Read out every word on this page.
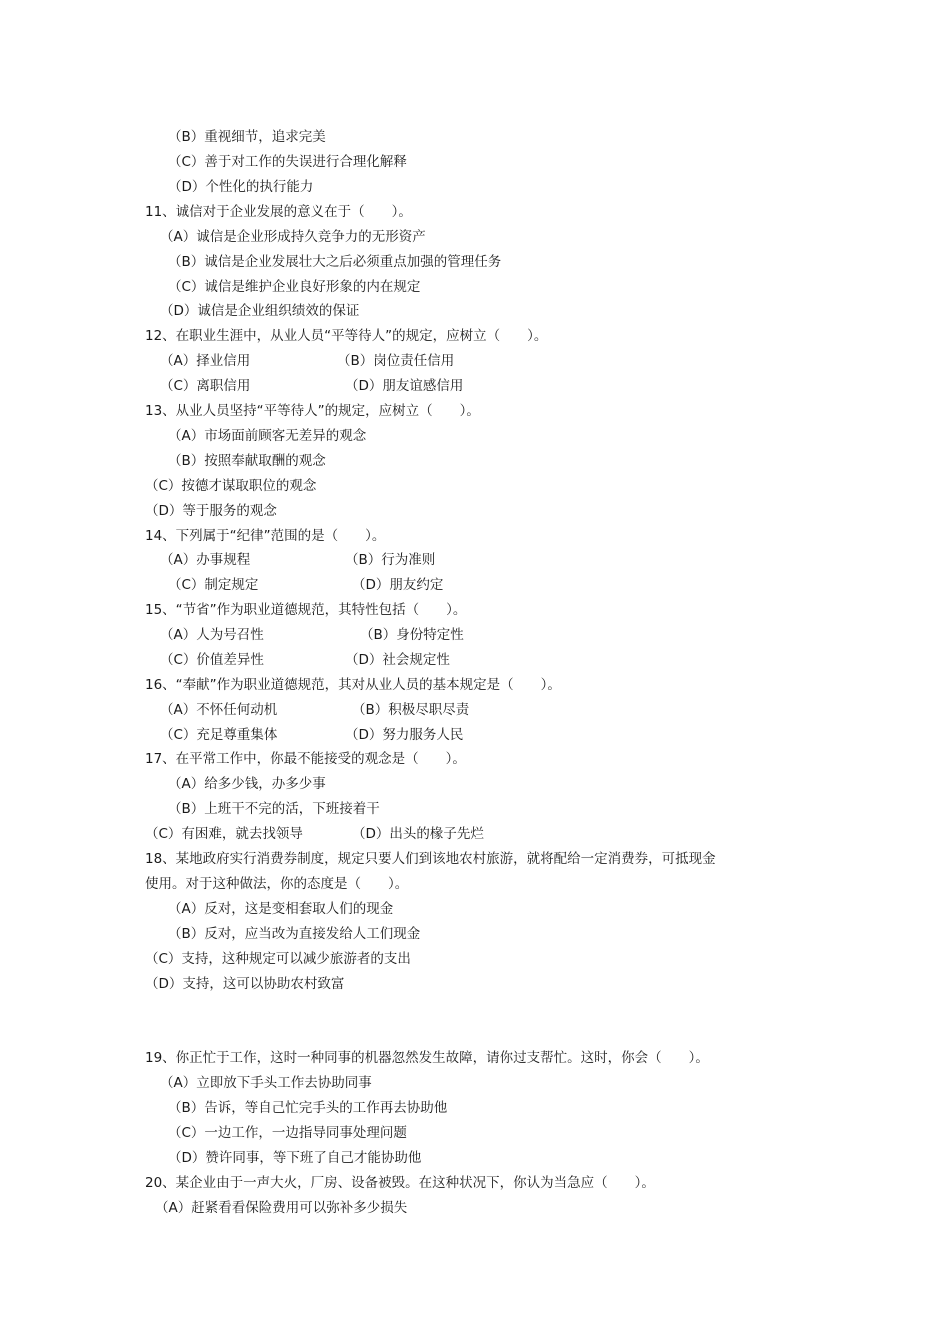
（B）重视细节，追求完美
（C）善于对工作的失误进行合理化解释
（D）个性化的执行能力
11、诚信对于企业发展的意义在于（　　）。
（A）诚信是企业形成持久竞争力的无形资产
（B）诚信是企业发展壮大之后必须重点加强的管理任务
（C）诚信是维护企业良好形象的内在规定
（D）诚信是企业组织绩效的保证
12、在职业生涯中，从业人员“平等待人”的规定，应树立（　　）。
（A）择业信用	（B）岗位责任信用
（C）离职信用	（D）朋友谊感信用
13、从业人员坚持“平等待人”的规定，应树立（　　）。
（A）市场面前顾客无差异的观念
（B）按照奉献取酬的观念
（C）按德才谋取职位的观念
（D）等于服务的观念
14、下列属于“纪律”范围的是（　　）。
（A）办事规程	（B）行为准则
（C）制定规定	（D）朋友约定
15、“节省”作为职业道德规范，其特性包括（　　）。
（A）人为号召性	（B）身份特定性
（C）价值差异性	（D）社会规定性
16、“奉献”作为职业道德规范，其对从业人员的基本规定是（　　）。
（A）不怀任何动机	（B）积极尽职尽责
（C）充足尊重集体	（D）努力服务人民
17、在平常工作中，你最不能接受的观念是（　　）。
（A）给多少钱，办多少事
（B）上班干不完的活，下班接着干
（C）有困难，就去找领导	（D）出头的椽子先烂
18、某地政府实行消费券制度，规定只要人们到该地农村旅游，就将配给一定消费券，可抵现金
使用。对于这种做法，你的态度是（　　）。
（A）反对，这是变相套取人们的现金
（B）反对，应当改为直接发给人工们现金
（C）支持，这种规定可以减少旅游者的支出
（D）支持，这可以协助农村致富
19、你正忙于工作，这时一种同事的机器忽然发生故障，请你过支帮忙。这时，你会（　　）。
（A）立即放下手头工作去协助同事
（B）告诉，等自己忙完手头的工作再去协助他
（C）一边工作，一边指导同事处理问题
（D）赞许同事，等下班了自己才能协助他
20、某企业由于一声大火，厂房、设备被毁。在这种状况下，你认为当急应（　　）。
（A）赶紧看看保险费用可以弥补多少损失
